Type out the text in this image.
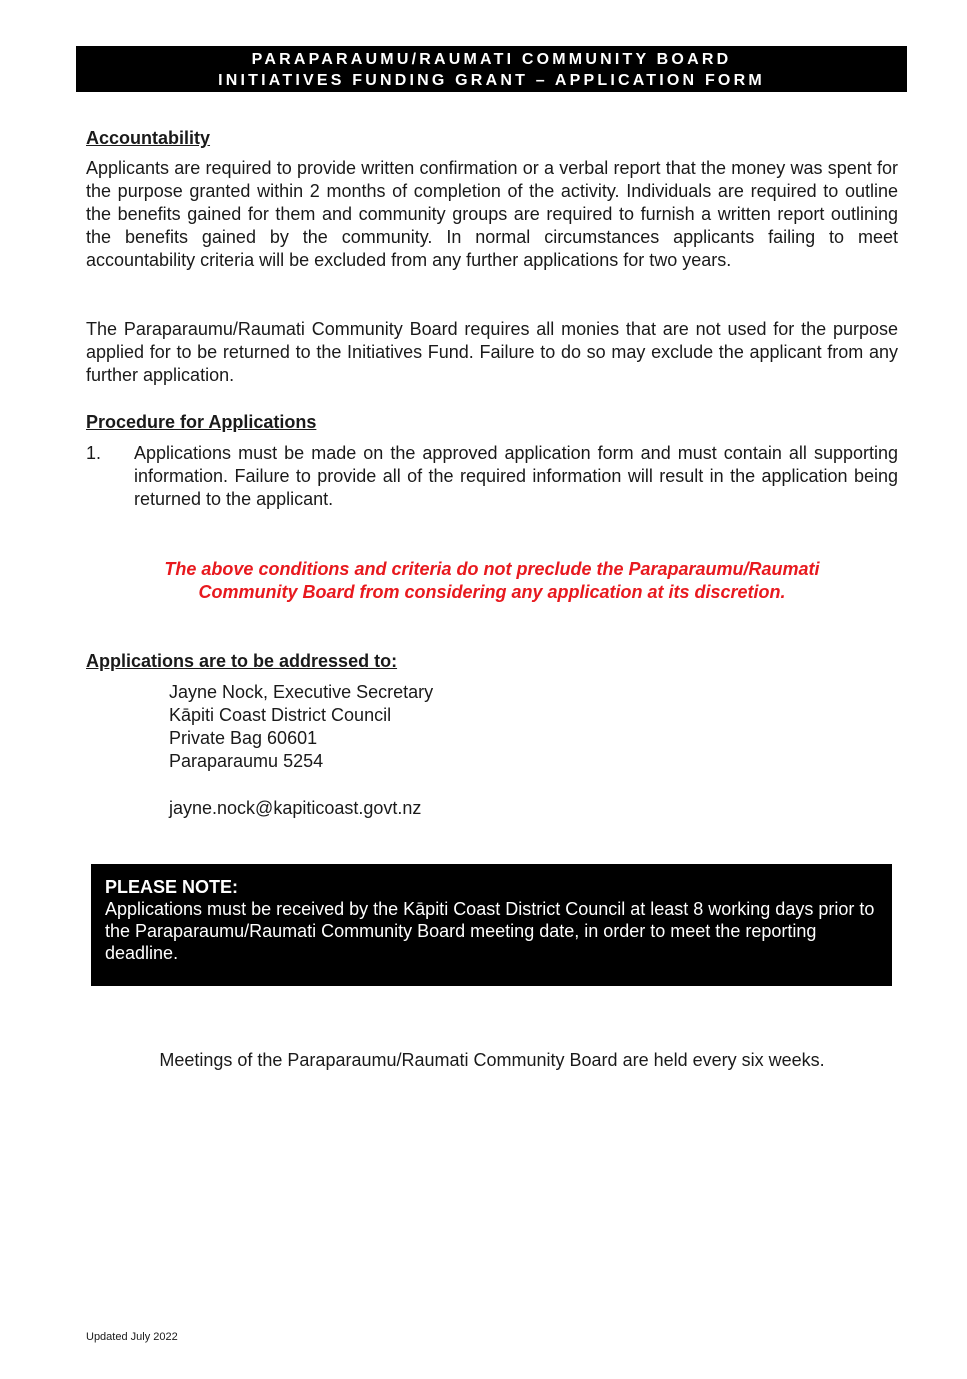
PARAPARAUMU/RAUMATI COMMUNITY BOARD
INITIATIVES FUNDING GRANT – APPLICATION FORM
Accountability
Applicants are required to provide written confirmation or a verbal report that the money was spent for the purpose granted within 2 months of completion of the activity. Individuals are required to outline the benefits gained for them and community groups are required to furnish a written report outlining the benefits gained by the community. In normal circumstances applicants failing to meet accountability criteria will be excluded from any further applications for two years.
The Paraparaumu/Raumati Community Board requires all monies that are not used for the purpose applied for to be returned to the Initiatives Fund. Failure to do so may exclude the applicant from any further application.
Procedure for Applications
1. Applications must be made on the approved application form and must contain all supporting information. Failure to provide all of the required information will result in the application being returned to the applicant.
The above conditions and criteria do not preclude the Paraparaumu/Raumati
Community Board from considering any application at its discretion.
Applications are to be addressed to:
Jayne Nock, Executive Secretary
Kāpiti Coast District Council
Private Bag 60601
Paraparaumu 5254
jayne.nock@kapiticoast.govt.nz
PLEASE NOTE:
Applications must be received by the Kāpiti Coast District Council at least 8 working days prior to the Paraparaumu/Raumati Community Board meeting date, in order to meet the reporting deadline.
Meetings of the Paraparaumu/Raumati Community Board are held every six weeks.
Updated July 2022
